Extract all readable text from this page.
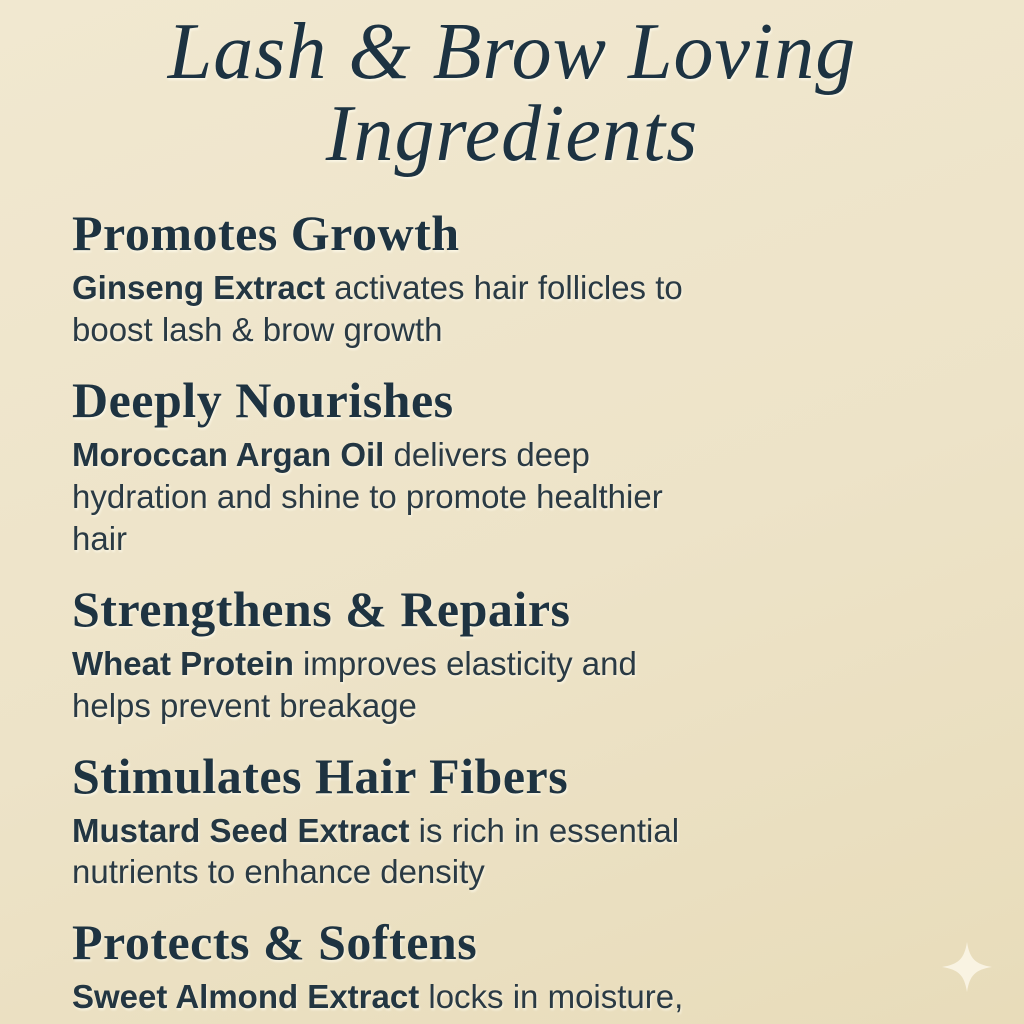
Lash & Brow Loving
Ingredients
Promotes Growth

Ginseng Extract activates hair follicles to boost lash & brow growth

Deeply Nourishes

Moroccan Argan Oil delivers deep hydration and shine to promote healthier hair

Strengthens & Repairs

Wheat Protein improves elasticity and helps prevent breakage

Stimulates Hair Fibers

Mustard Seed Extract is rich in essential nutrients to enhance density

Protects & Softens

Sweet Almond Extract locks in moisture,
